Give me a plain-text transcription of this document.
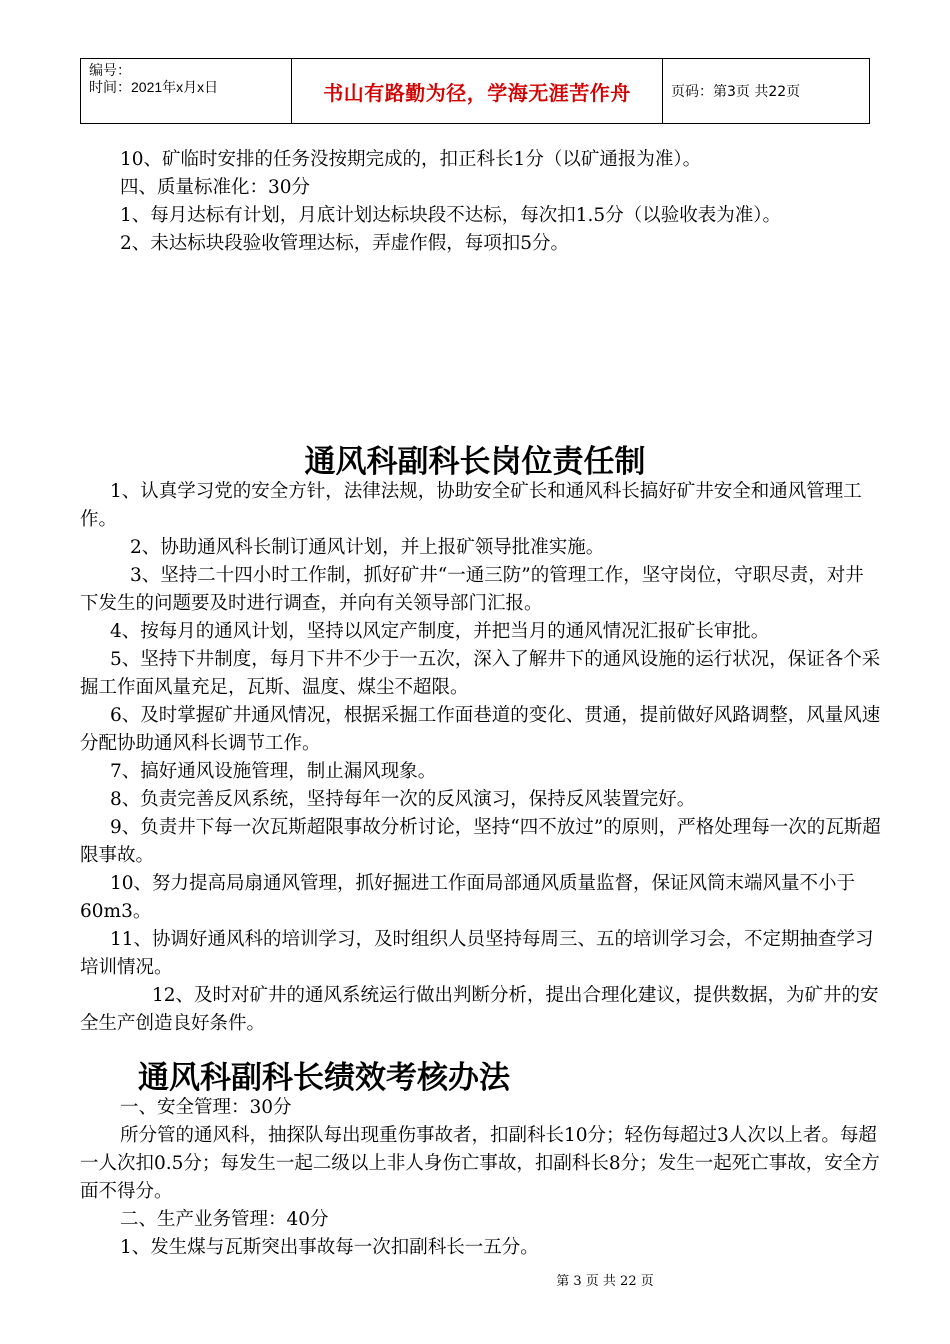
编号：
时间：2021年x月x日	书山有路勤为径，学海无涯苦作舟	页码：第3页 共22页

10、矿临时安排的任务没按期完成的，扣正科长1分（以矿通报为准）。

四、质量标准化：30分

1、每月达标有计划，月底计划达标块段不达标，每次扣1.5分（以验收表为准）。

2、未达标块段验收管理达标，弄虚作假，每项扣5分。

通风科副科长岗位责任制

1、认真学习党的安全方针，法律法规，协助安全矿长和通风科长搞好矿井安全和通风管理工作。

2、协助通风科长制订通风计划，并上报矿领导批准实施。

3、坚持二十四小时工作制，抓好矿井“一通三防”的管理工作，坚守岗位，守职尽责，对井下发生的问题要及时进行调查，并向有关领导部门汇报。

4、按每月的通风计划，坚持以风定产制度，并把当月的通风情况汇报矿长审批。

5、坚持下井制度，每月下井不少于一五次，深入了解井下的通风设施的运行状况，保证各个采掘工作面风量充足，瓦斯、温度、煤尘不超限。

6、及时掌握矿井通风情况，根据采掘工作面巷道的变化、贯通，提前做好风路调整，风量风速分配协助通风科长调节工作。

7、搞好通风设施管理，制止漏风现象。

8、负责完善反风系统，坚持每年一次的反风演习，保持反风装置完好。

9、负责井下每一次瓦斯超限事故分析讨论，坚持“四不放过”的原则，严格处理每一次的瓦斯超限事故。

10、努力提高局扇通风管理，抓好掘进工作面局部通风质量监督，保证风筒末端风量不小于60m3。

11、协调好通风科的培训学习，及时组织人员坚持每周三、五的培训学习会，不定期抽查学习培训情况。

12、及时对矿井的通风系统运行做出判断分析，提出合理化建议，提供数据，为矿井的安全生产创造良好条件。

通风科副科长绩效考核办法

一、安全管理：30分

所分管的通风科，抽探队每出现重伤事故者，扣副科长10分；轻伤每超过3人次以上者。每超一人次扣0.5分；每发生一起二级以上非人身伤亡事故，扣副科长8分；发生一起死亡事故，安全方面不得分。

二、生产业务管理：40分

1、发生煤与瓦斯突出事故每一次扣副科长一五分。

第 3 页 共 22 页
